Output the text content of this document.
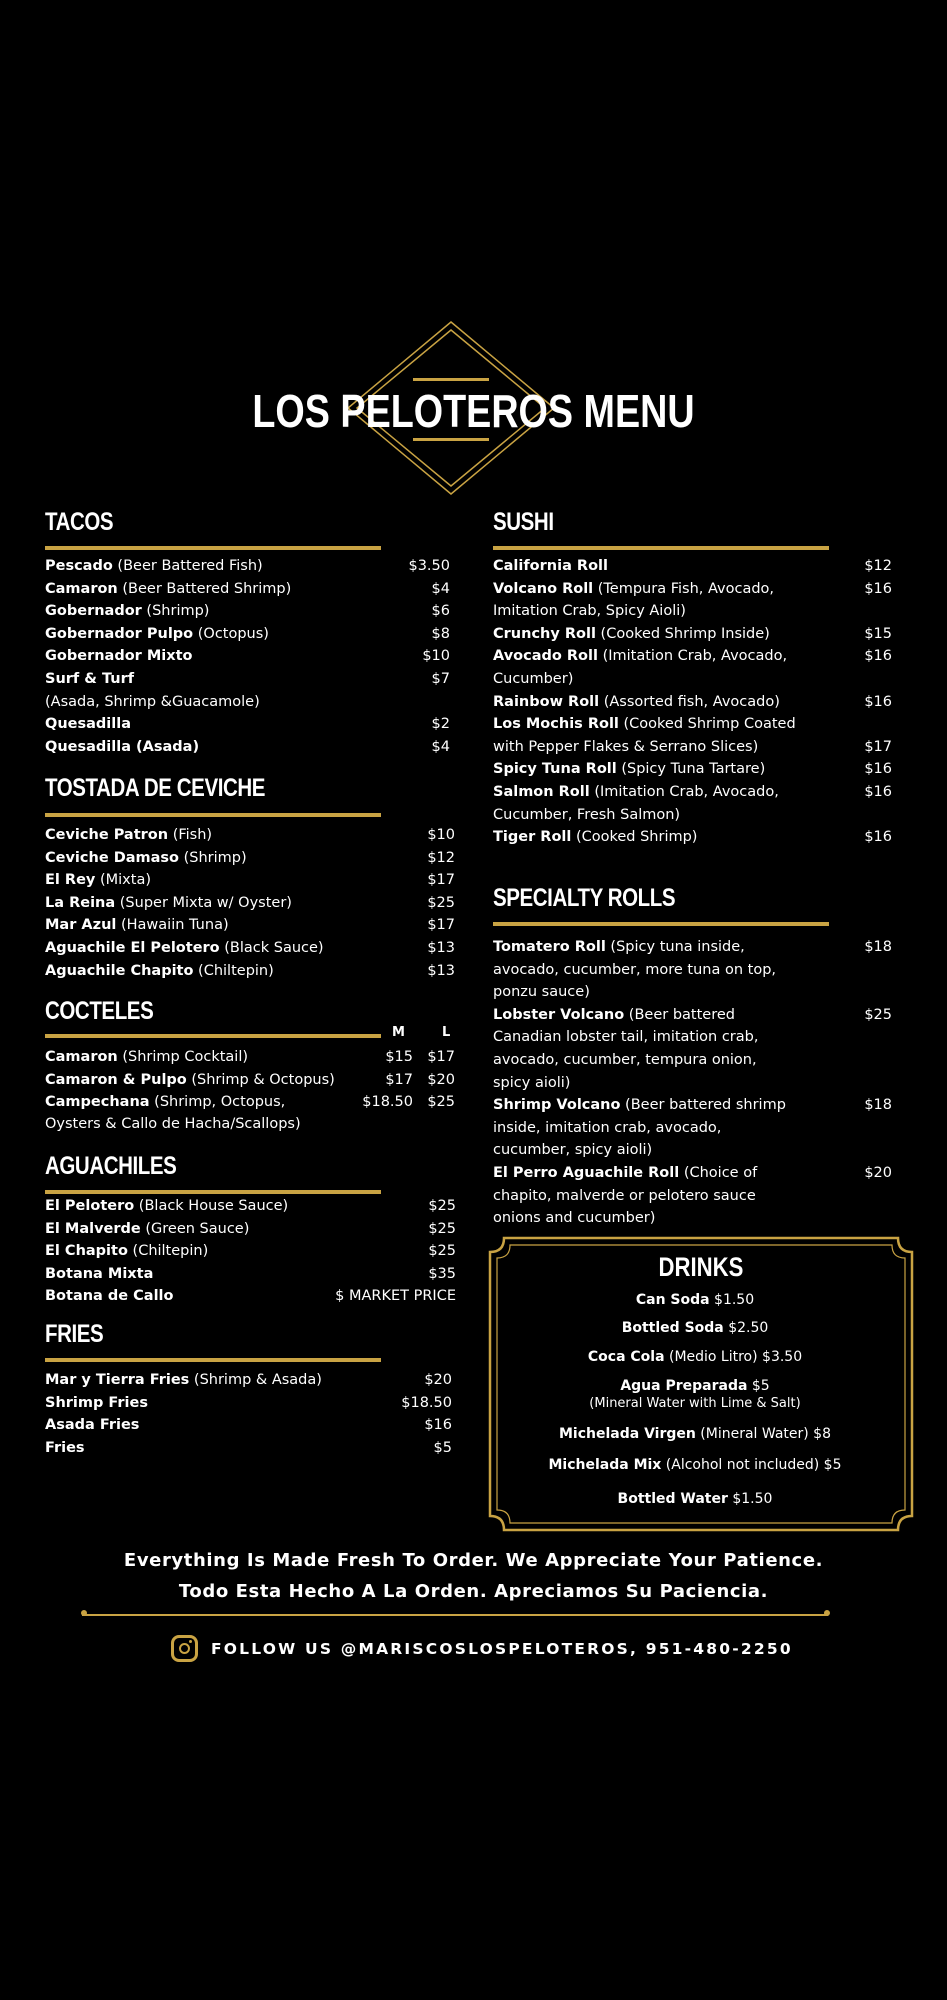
LOS PELOTEROS MENU
TACOS
Pescado (Beer Battered Fish)	$3.50
Camaron (Beer Battered Shrimp)	$4
Gobernador (Shrimp)	$6
Gobernador Pulpo (Octopus)	$8
Gobernador Mixto	$10
Surf & Turf	$7
(Asada, Shrimp &Guacamole)
Quesadilla	$2
Quesadilla (Asada)	$4
TOSTADA DE CEVICHE
Ceviche Patron (Fish)	$10
Ceviche Damaso (Shrimp)	$12
El Rey (Mixta)	$17
La Reina (Super Mixta w/ Oyster)	$25
Mar Azul (Hawaiin Tuna)	$17
Aguachile El Pelotero (Black Sauce)	$13
Aguachile Chapito (Chiltepin)	$13
COCTELES
M	L
Camaron (Shrimp Cocktail)	$15 $17
Camaron & Pulpo (Shrimp & Octopus)	$17 $20
Campechana (Shrimp, Octopus,	$18.50 $25
Oysters & Callo de Hacha/Scallops)
AGUACHILES
El Pelotero (Black House Sauce)	$25
El Malverde (Green Sauce)	$25
El Chapito (Chiltepin)	$25
Botana Mixta	$35
Botana de Callo	$ MARKET PRICE
FRIES
Mar y Tierra Fries (Shrimp & Asada)	$20
Shrimp Fries	$18.50
Asada Fries	$16
Fries	$5
SUSHI
California Roll	$12
Volcano Roll (Tempura Fish, Avocado,	$16
Imitation Crab, Spicy Aioli)
Crunchy Roll (Cooked Shrimp Inside)	$15
Avocado Roll (Imitation Crab, Avocado,	$16
Cucumber)
Rainbow Roll (Assorted fish, Avocado)	$16
Los Mochis Roll (Cooked Shrimp Coated
with Pepper Flakes & Serrano Slices)	$17
Spicy Tuna Roll (Spicy Tuna Tartare)	$16
Salmon Roll (Imitation Crab, Avocado,	$16
Cucumber, Fresh Salmon)
Tiger Roll (Cooked Shrimp)	$16
SPECIALTY ROLLS
Tomatero Roll (Spicy tuna inside,	$18
avocado, cucumber, more tuna on top,
ponzu sauce)
Lobster Volcano (Beer battered	$25
Canadian lobster tail, imitation crab,
avocado, cucumber, tempura onion,
spicy aioli)
Shrimp Volcano (Beer battered shrimp	$18
inside, imitation crab, avocado,
cucumber, spicy aioli)
El Perro Aguachile Roll (Choice of	$20
chapito, malverde or pelotero sauce
onions and cucumber)
DRINKS
Can Soda $1.50
Bottled Soda $2.50
Coca Cola (Medio Litro) $3.50
Agua Preparada $5
(Mineral Water with Lime & Salt)
Michelada Virgen (Mineral Water) $8
Michelada Mix (Alcohol not included) $5
Bottled Water $1.50
Everything Is Made Fresh To Order. We Appreciate Your Patience.
Todo Esta Hecho A La Orden. Apreciamos Su Paciencia.
FOLLOW US @MARISCOSLOSPELOTEROS, 951-480-2250
